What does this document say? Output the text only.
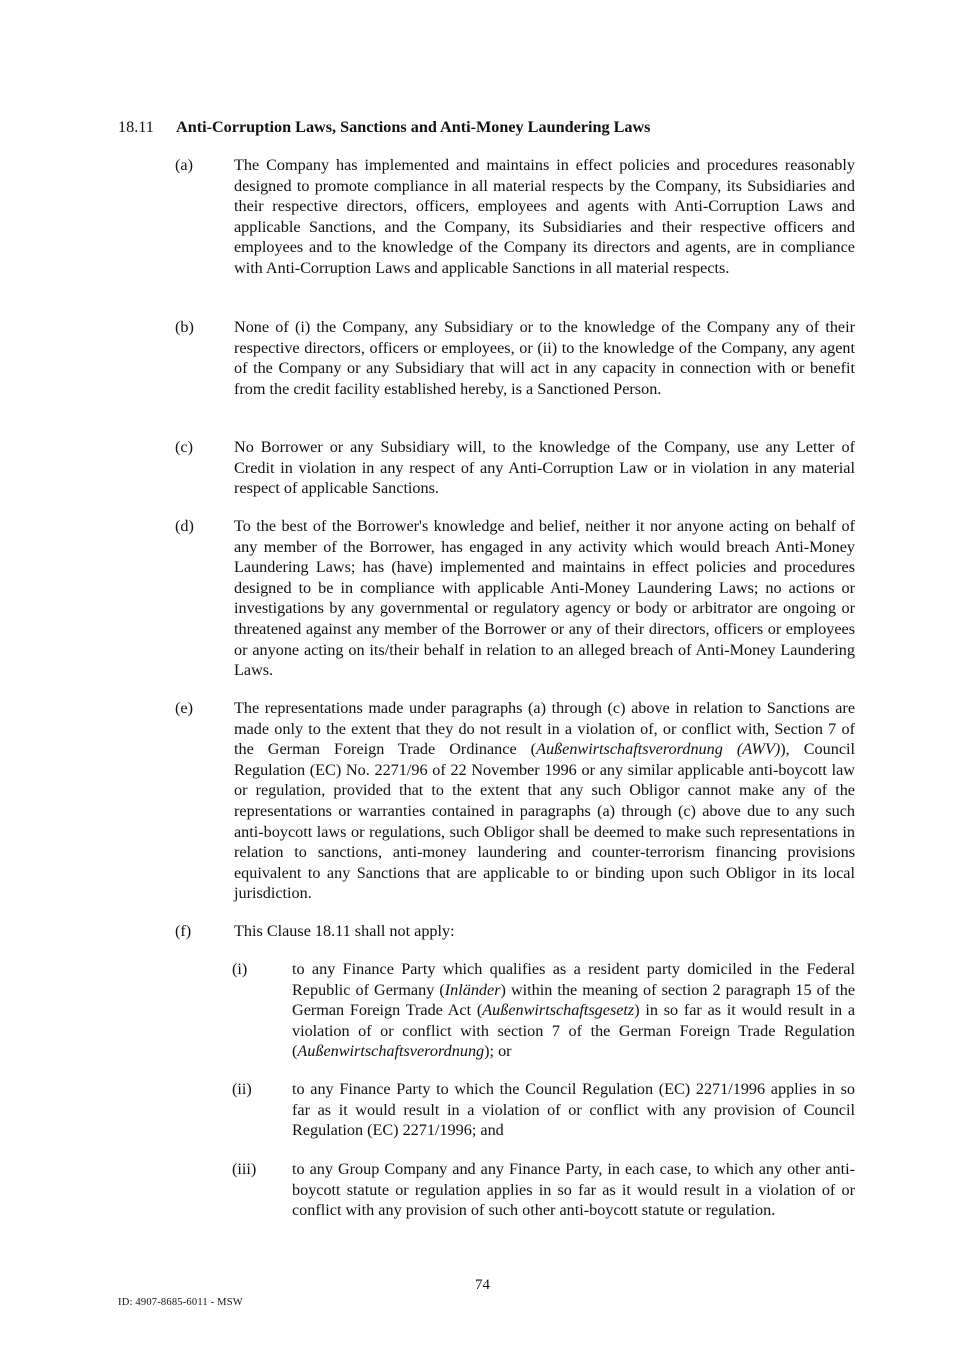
18.11 Anti-Corruption Laws, Sanctions and Anti-Money Laundering Laws
(a)	The Company has implemented and maintains in effect policies and procedures reasonably designed to promote compliance in all material respects by the Company, its Subsidiaries and their respective directors, officers, employees and agents with Anti-Corruption Laws and applicable Sanctions, and the Company, its Subsidiaries and their respective officers and employees and to the knowledge of the Company its directors and agents, are in compliance with Anti-Corruption Laws and applicable Sanctions in all material respects.
(b) None of (i) the Company, any Subsidiary or to the knowledge of the Company any of their respective directors, officers or employees, or (ii) to the knowledge of the Company, any agent of the Company or any Subsidiary that will act in any capacity in connection with or benefit from the credit facility established hereby, is a Sanctioned Person.
(c)	No Borrower or any Subsidiary will, to the knowledge of the Company, use any Letter of Credit in violation in any respect of any Anti-Corruption Law or in violation in any material respect of applicable Sanctions.
(d) To the best of the Borrower's knowledge and belief, neither it nor anyone acting on behalf of any member of the Borrower, has engaged in any activity which would breach Anti-Money Laundering Laws; has (have) implemented and maintains in effect policies and procedures designed to be in compliance with applicable Anti-Money Laundering Laws; no actions or investigations by any governmental or regulatory agency or body or arbitrator are ongoing or threatened against any member of the Borrower or any of their directors, officers or employees or anyone acting on its/their behalf in relation to an alleged breach of Anti-Money Laundering Laws.
(e)	The representations made under paragraphs (a) through (c) above in relation to Sanctions are made only to the extent that they do not result in a violation of, or conflict with, Section 7 of the German Foreign Trade Ordinance (Außenwirtschaftsverordnung (AWV)), Council Regulation (EC) No. 2271/96 of 22 November 1996 or any similar applicable anti-boycott law or regulation, provided that to the extent that any such Obligor cannot make any of the representations or warranties contained in paragraphs (a) through (c) above due to any such anti-boycott laws or regulations, such Obligor shall be deemed to make such representations in relation to sanctions, anti-money laundering and counter-terrorism financing provisions equivalent to any Sanctions that are applicable to or binding upon such Obligor in its local jurisdiction.
(f)	This Clause 18.11 shall not apply:
(i)	to any Finance Party which qualifies as a resident party domiciled in the Federal Republic of Germany (Inländer) within the meaning of section 2 paragraph 15 of the German Foreign Trade Act (Außenwirtschaftsgesetz) in so far as it would result in a violation of or conflict with section 7 of the German Foreign Trade Regulation (Außenwirtschaftsverordnung); or
(ii) to any Finance Party to which the Council Regulation (EC) 2271/1996 applies in so far as it would result in a violation of or conflict with any provision of Council Regulation (EC) 2271/1996; and
(iii) to any Group Company and any Finance Party, in each case, to which any other anti-boycott statute or regulation applies in so far as it would result in a violation of or conflict with any provision of such other anti-boycott statute or regulation.
74
ID: 4907-8685-6011 - MSW
